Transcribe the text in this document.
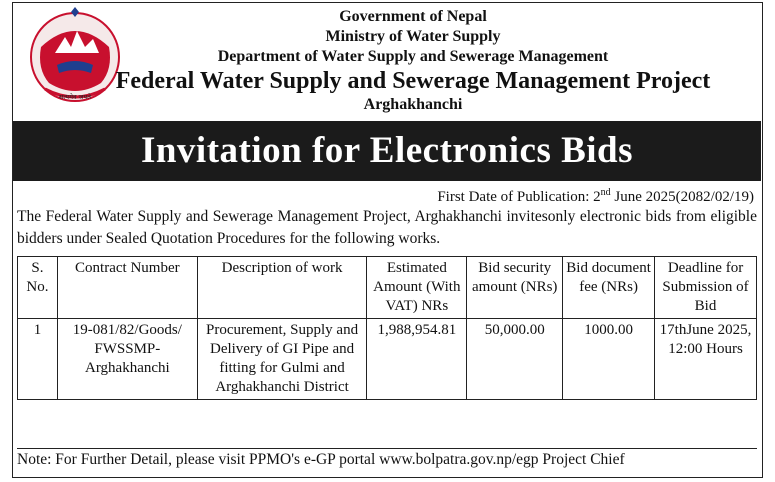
सत्यमेव जयते
Government of Nepal
Ministry of Water Supply
Department of Water Supply and Sewerage Management
Federal Water Supply and Sewerage Management Project
Arghakhanchi
Invitation for Electronics Bids
First Date of Publication: 2nd June 2025(2082/02/19)
The Federal Water Supply and Sewerage Management Project, Arghakhanchi invitesonly electronic bids from eligible bidders under Sealed Quotation Procedures for the following works.
S. No.	Contract Number	Description of work	Estimated Amount (With VAT) NRs	Bid security amount (NRs)	Bid document fee (NRs)	Deadline for Submission of Bid
1	19-081/82/Goods/ FWSSMP- Arghakhanchi	Procurement, Supply and Delivery of GI Pipe and fitting for Gulmi and Arghakhanchi District	1,988,954.81	50,000.00	1000.00	17thJune 2025, 12:00 Hours
Note: For Further Detail, please visit PPMO's e-GP portal www.bolpatra.gov.np/egp Project Chief
